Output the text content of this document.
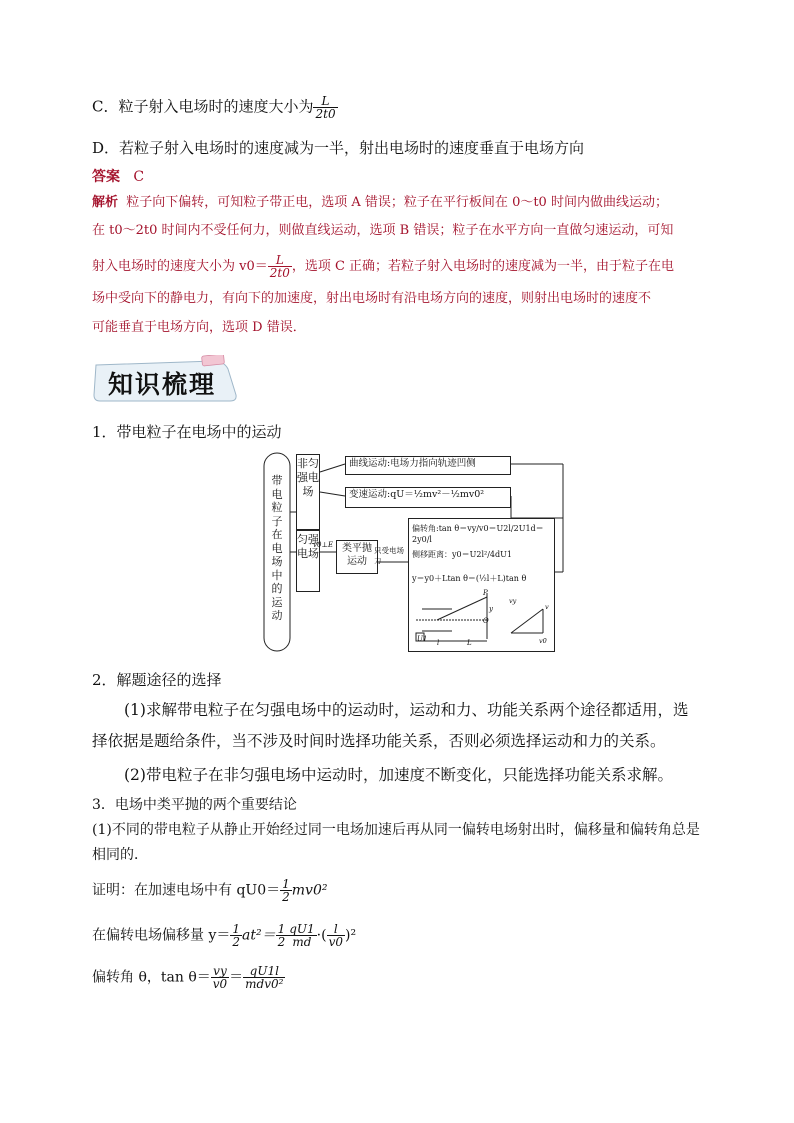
C．粒子射入电场时的速度大小为 $\frac{L}{2t0}$
D．若粒子射入电场时的速度减为一半，射出电场时的速度垂直于电场方向
答案 C
解析 粒子向下偏转，可知粒子带正电，选项 A 错误；粒子在平行板间在 0～t0 时间内做曲线运动；
在 t0～2t0 时间内不受任何力，则做直线运动，选项 B 错误；粒子在水平方向一直做匀速运动，可知
射入电场时的速度大小为 $v0= \frac{L}{2t0}$ ，选项 C 正确；若粒子射入电场时的速度减为一半，由于粒子在电
场中受向下的静电力，有向下的加速度，射出电场时有沿电场方向的速度，则射出电场时的速度不
可能垂直于电场方向，选项 D 错误．
知识梳理
1．带电粒子在电场中的运动
带电粒子在电场中的运动
非匀强电场
匀强电场
曲线运动:电场力指向轨迹凹侧
变速运动:qU＝½mv²－½mv0²
v0⊥E 类平抛运动
只受电场力
偏转角:tan θ＝vy/v0＝U2l/2U1d＝2y0/l
侧移距离：y0＝U2l²/4dU1
y＝y0＋Ltan θ＝(½l＋L)tan θ
U1 l	L
y
P
O
vy
v
v0
2．解题途径的选择
(1)求解带电粒子在匀强电场中的运动时，运动和力、功能关系两个途径都适用，选
择依据是题给条件，当不涉及时间时选择功能关系，否则必须选择运动和力的关系。
(2)带电粒子在非匀强电场中运动时，加速度不断变化，只能选择功能关系求解。
3．电场中类平抛的两个重要结论
(1)不同的带电粒子从静止开始经过同一电场加速后再从同一偏转电场射出时，偏移量和偏转角总是
相同的．
证明：在加速电场中有 $qU0= \frac{1}{2} mv0^2$
在偏转电场偏移量 $y= \frac{1}{2} at^2= \frac{1}{2} \frac{qU1}{md}$ ·( $\frac{l}{v0} )^2$
偏转角 θ，$\tan \theta= \frac{vy}{v0} = \frac{qU1l}{\text{mdv0²}}$
